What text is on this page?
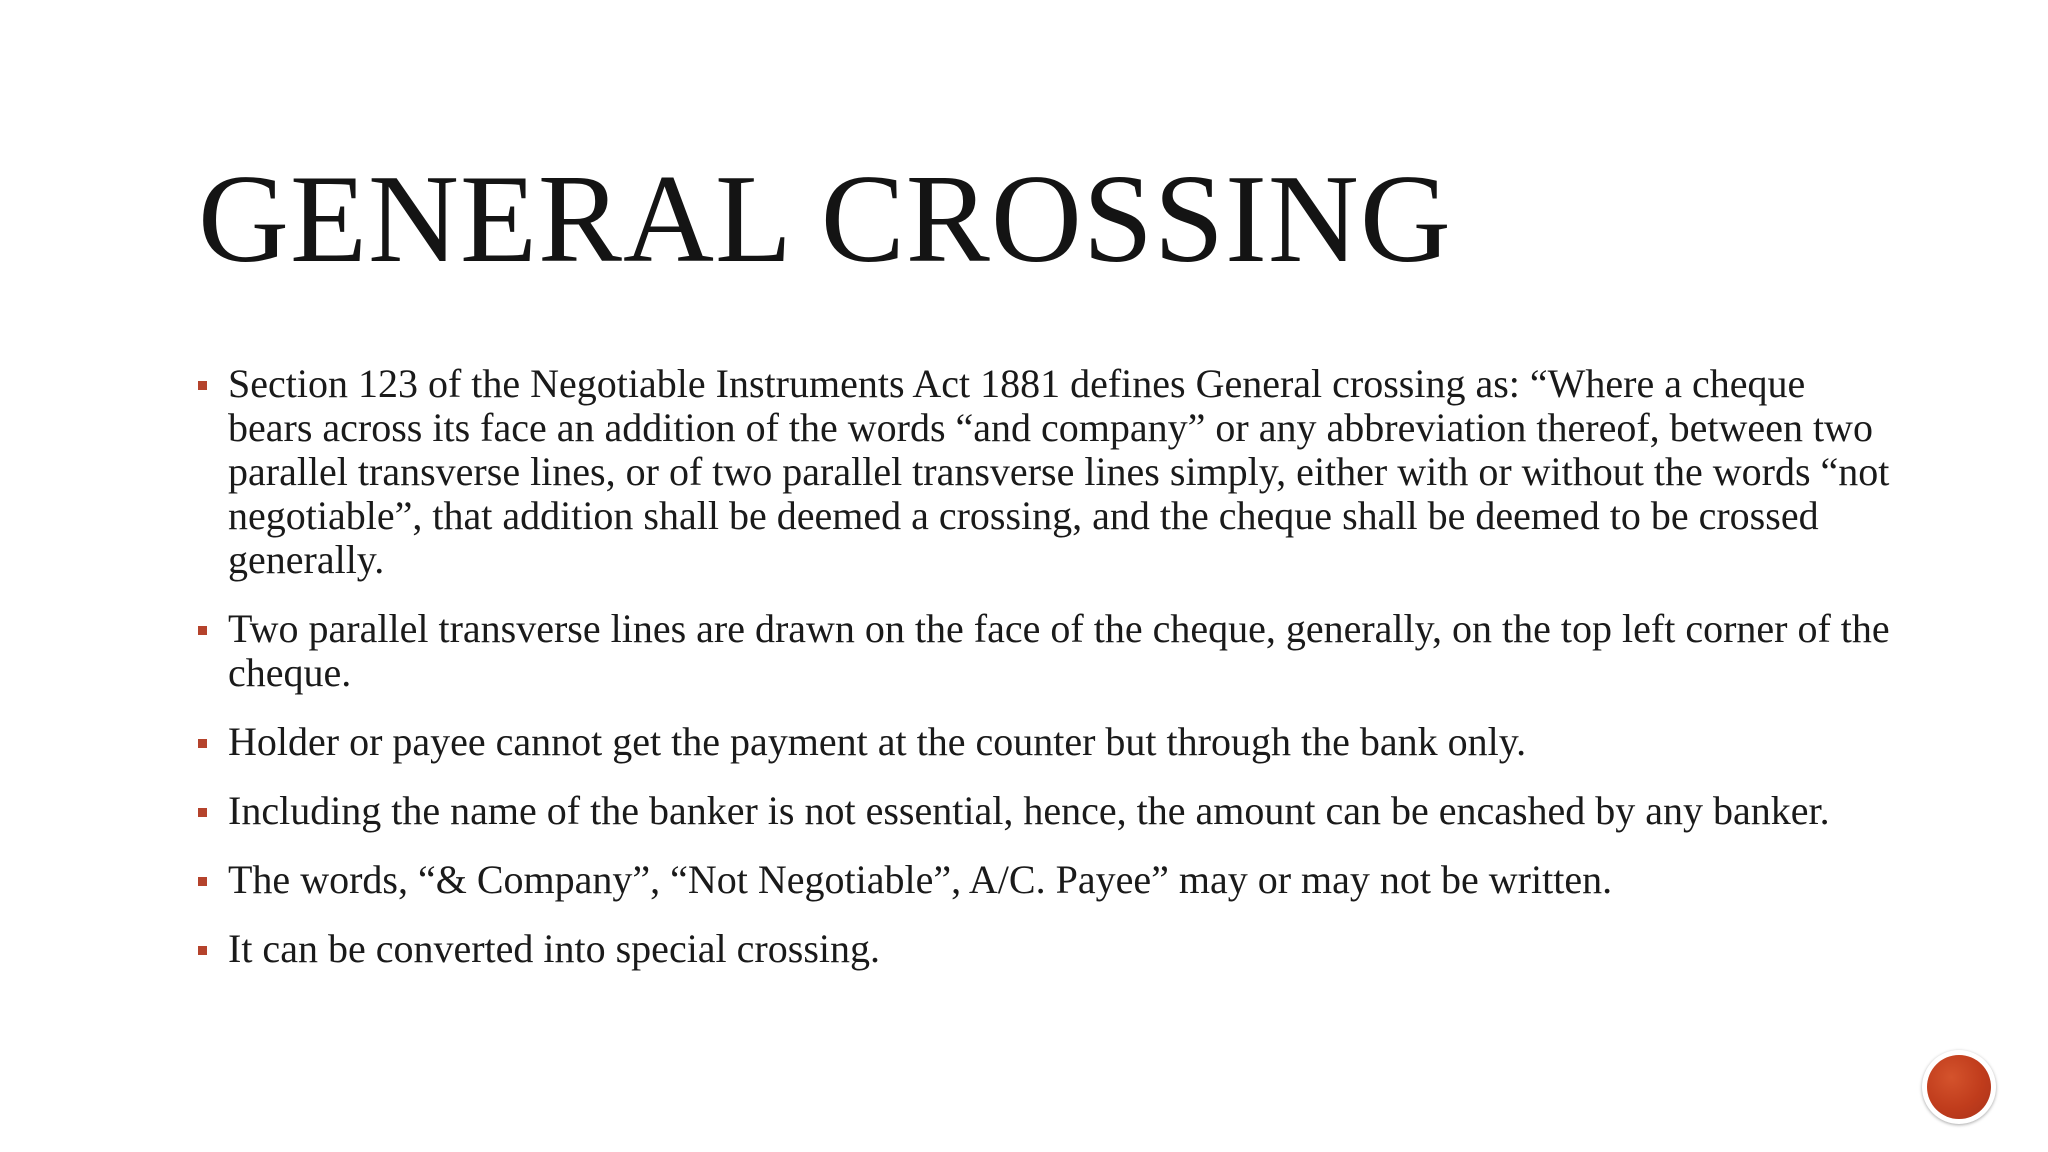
GENERAL CROSSING
Section 123 of the Negotiable Instruments Act 1881 defines General crossing as: “Where a cheque bears across its face an addition of the words “and company” or any abbreviation thereof, between two parallel transverse lines, or of two parallel transverse lines simply, either with or without the words “not negotiable”, that addition shall be deemed a crossing, and the cheque shall be deemed to be crossed generally.
Two parallel transverse lines are drawn on the face of the cheque, generally, on the top left corner of the cheque.
Holder or payee cannot get the payment at the counter but through the bank only.
Including the name of the banker is not essential, hence, the amount can be encashed by any banker.
The words, “& Company”, “Not Negotiable”, A/C. Payee” may or may not be written.
It can be converted into special crossing.
